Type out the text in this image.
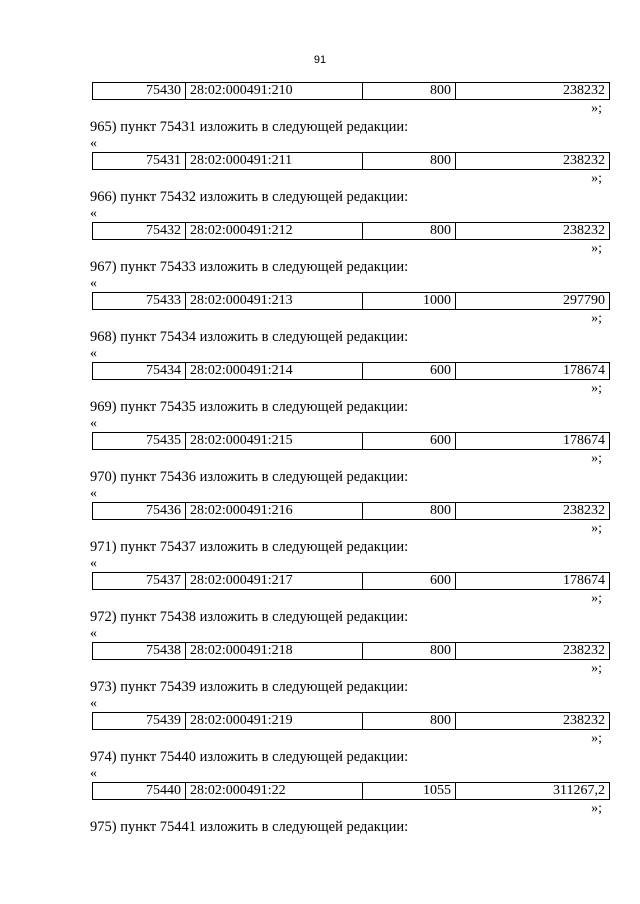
91
75430	28:02:000491:210	800	238232
»;
965) пункт 75431 изложить в следующей редакции:
«
75431	28:02:000491:211	800	238232
»;
966) пункт 75432 изложить в следующей редакции:
«
75432	28:02:000491:212	800	238232
»;
967) пункт 75433 изложить в следующей редакции:
«
75433	28:02:000491:213	1000	297790
»;
968) пункт 75434 изложить в следующей редакции:
«
75434	28:02:000491:214	600	178674
»;
969) пункт 75435 изложить в следующей редакции:
«
75435	28:02:000491:215	600	178674
»;
970) пункт 75436 изложить в следующей редакции:
«
75436	28:02:000491:216	800	238232
»;
971) пункт 75437 изложить в следующей редакции:
«
75437	28:02:000491:217	600	178674
»;
972) пункт 75438 изложить в следующей редакции:
«
75438	28:02:000491:218	800	238232
»;
973) пункт 75439 изложить в следующей редакции:
«
75439	28:02:000491:219	800	238232
»;
974) пункт 75440 изложить в следующей редакции:
«
75440	28:02:000491:22	1055	311267,2
»;
975) пункт 75441 изложить в следующей редакции:
